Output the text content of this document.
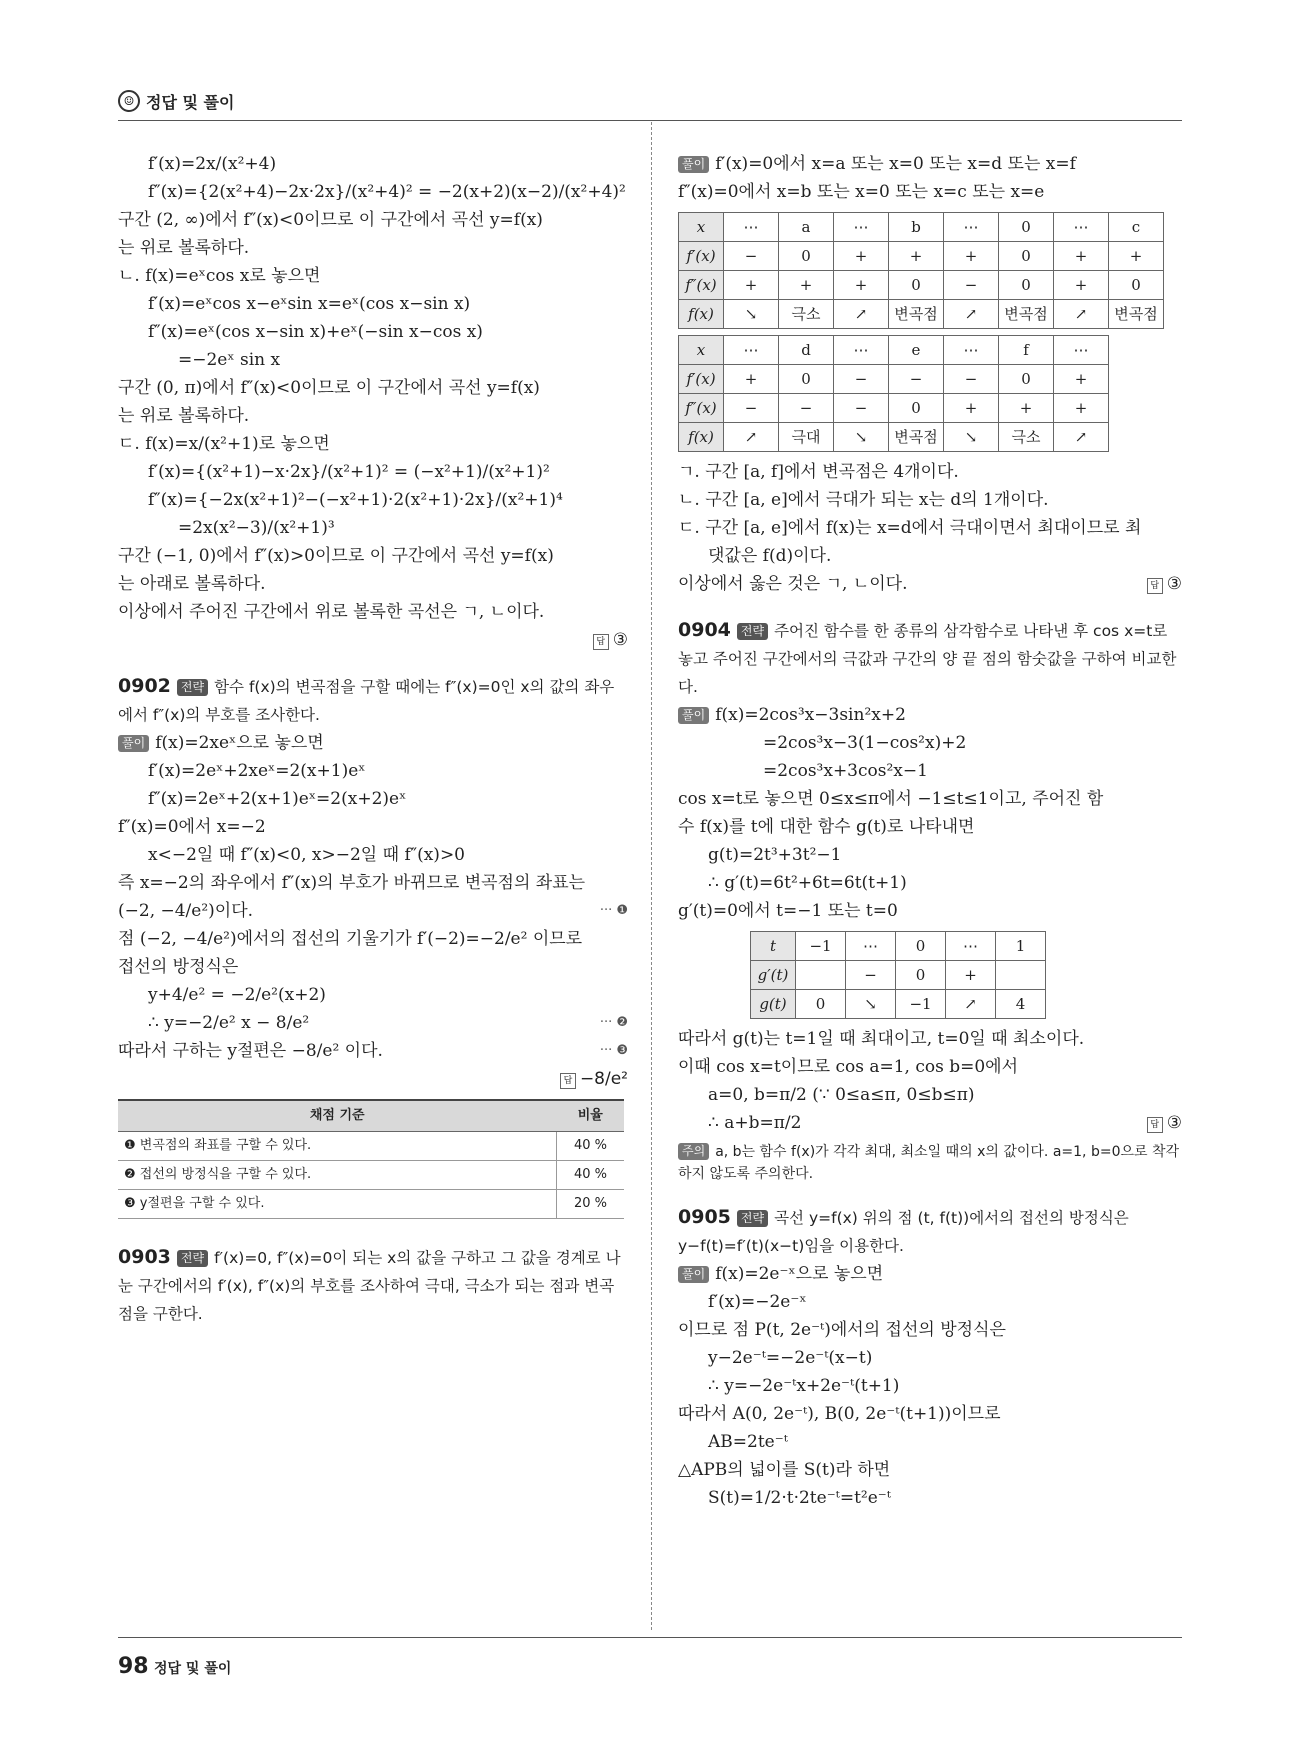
☺ 정답 및 풀이
f′(x)=2x/(x²+4)
f″(x)={2(x²+4)−2x·2x}/(x²+4)² = −2(x+2)(x−2)/(x²+4)²
구간 (2, ∞)에서 f″(x)<0이므로 이 구간에서 곡선 y=f(x)
는 위로 볼록하다.
ㄴ. f(x)=eˣcos x로 놓으면
f′(x)=eˣcos x−eˣsin x=eˣ(cos x−sin x)
f″(x)=eˣ(cos x−sin x)+eˣ(−sin x−cos x)
=−2eˣ sin x
구간 (0, π)에서 f″(x)<0이므로 이 구간에서 곡선 y=f(x)
는 위로 볼록하다.
ㄷ. f(x)=x/(x²+1)로 놓으면
f′(x)={(x²+1)−x·2x}/(x²+1)² = (−x²+1)/(x²+1)²
f″(x)={−2x(x²+1)²−(−x²+1)·2(x²+1)·2x}/(x²+1)⁴
=2x(x²−3)/(x²+1)³
구간 (−1, 0)에서 f″(x)>0이므로 이 구간에서 곡선 y=f(x)
는 아래로 볼록하다.
이상에서 주어진 구간에서 위로 볼록한 곡선은 ㄱ, ㄴ이다.
답 ③
0902 전략 함수 f(x)의 변곡점을 구할 때에는 f″(x)=0인 x의 값의 좌우에서 f″(x)의 부호를 조사한다.
풀이 f(x)=2xeˣ으로 놓으면
f′(x)=2eˣ+2xeˣ=2(x+1)eˣ
f″(x)=2eˣ+2(x+1)eˣ=2(x+2)eˣ
f″(x)=0에서 x=−2
x<−2일 때 f″(x)<0, x>−2일 때 f″(x)>0
즉 x=−2의 좌우에서 f″(x)의 부호가 바뀌므로 변곡점의 좌표는
(−2, −4/e²)이다.	··· ❶
점 (−2, −4/e²)에서의 접선의 기울기가 f′(−2)=−2/e² 이므로
접선의 방정식은
y+4/e² = −2/e²(x+2)
∴ y=−2/e² x − 8/e²	··· ❷
따라서 구하는 y절편은 −8/e² 이다.	··· ❸
답 −8/e²
채점 기준	비율
❶ 변곡점의 좌표를 구할 수 있다.	40 %
❷ 접선의 방정식을 구할 수 있다.	40 %
❸ y절편을 구할 수 있다.	20 %
0903 전략 f′(x)=0, f″(x)=0이 되는 x의 값을 구하고 그 값을 경계로 나눈 구간에서의 f′(x), f″(x)의 부호를 조사하여 극대, 극소가 되는 점과 변곡점을 구한다.
풀이 f′(x)=0에서 x=a 또는 x=0 또는 x=d 또는 x=f
f″(x)=0에서 x=b 또는 x=0 또는 x=c 또는 x=e
x	⋯	a	⋯	b	⋯	0	⋯	c
f′(x)	−	0	+	+	+	0	+	+
f″(x)	+	+	+	0	−	0	+	0
f(x)	↘	극소	↗	변곡점	↗	변곡점	↗	변곡점
x	⋯	d	⋯	e	⋯	f	⋯
f′(x)	+	0	−	−	−	0	+
f″(x)	−	−	−	0	+	+	+
f(x)	↗	극대	↘	변곡점	↘	극소	↗
ㄱ. 구간 [a, f]에서 변곡점은 4개이다.
ㄴ. 구간 [a, e]에서 극대가 되는 x는 d의 1개이다.
ㄷ. 구간 [a, e]에서 f(x)는 x=d에서 극대이면서 최대이므로 최
댓값은 f(d)이다.
이상에서 옳은 것은 ㄱ, ㄴ이다.	답 ③
0904 전략 주어진 함수를 한 종류의 삼각함수로 나타낸 후 cos x=t로 놓고 주어진 구간에서의 극값과 구간의 양 끝 점의 함숫값을 구하여 비교한다.
풀이 f(x)=2cos³x−3sin²x+2
=2cos³x−3(1−cos²x)+2
=2cos³x+3cos²x−1
cos x=t로 놓으면 0≤x≤π에서 −1≤t≤1이고, 주어진 함
수 f(x)를 t에 대한 함수 g(t)로 나타내면
g(t)=2t³+3t²−1
∴ g′(t)=6t²+6t=6t(t+1)
g′(t)=0에서 t=−1 또는 t=0
t	−1	⋯	0	⋯	1
g′(t)		−	0	+	
g(t)	0	↘	−1	↗	4
따라서 g(t)는 t=1일 때 최대이고, t=0일 때 최소이다.
이때 cos x=t이므로 cos a=1, cos b=0에서
a=0, b=π/2 (∵ 0≤a≤π, 0≤b≤π)
∴ a+b=π/2	답 ③
주의 a, b는 함수 f(x)가 각각 최대, 최소일 때의 x의 값이다. a=1, b=0으로 착각하지 않도록 주의한다.
0905 전략 곡선 y=f(x) 위의 점 (t, f(t))에서의 접선의 방정식은 y−f(t)=f′(t)(x−t)임을 이용한다.
풀이 f(x)=2e⁻ˣ으로 놓으면
f′(x)=−2e⁻ˣ
이므로 점 P(t, 2e⁻ᵗ)에서의 접선의 방정식은
y−2e⁻ᵗ=−2e⁻ᵗ(x−t)
∴ y=−2e⁻ᵗx+2e⁻ᵗ(t+1)
따라서 A(0, 2e⁻ᵗ), B(0, 2e⁻ᵗ(t+1))이므로
AB=2te⁻ᵗ
△APB의 넓이를 S(t)라 하면
S(t)=1/2·t·2te⁻ᵗ=t²e⁻ᵗ
98 정답 및 풀이
